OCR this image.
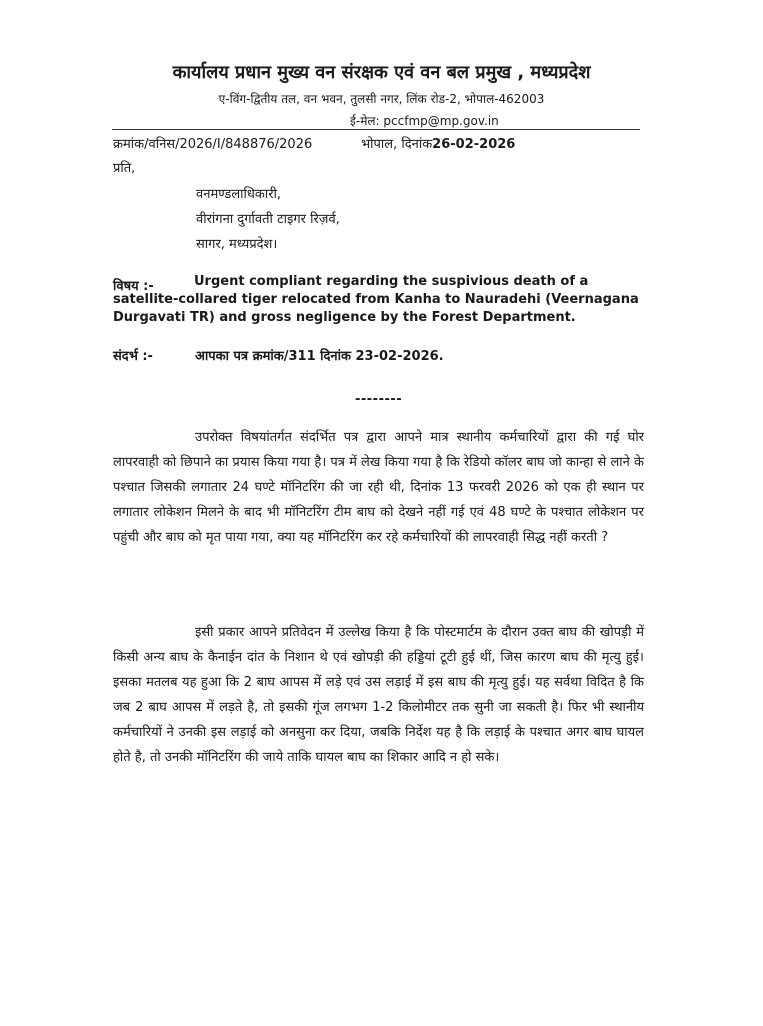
कार्यालय प्रधान मुख्य वन संरक्षक एवं वन बल प्रमुख , मध्यप्रदेश
ए-विंग-द्वितीय तल, वन भवन, तुलसी नगर, लिंक रोड-2, भोपाल-462003
ई-मेल: pccfmp@mp.gov.in
क्रमांक/वनिस/2026/I/848876/2026	भोपाल, दिनांक26-02-2026
प्रति,
वनमण्डलाधिकारी,
वीरांगना दुर्गावती टाइगर रिज़र्व,
सागर, मध्यप्रदेश।
विषय :-	Urgent compliant regarding the suspivious death of a satellite-collared tiger relocated from Kanha to Nauradehi (Veernagana Durgavati TR) and gross negligence by the Forest Department.
संदर्भ :-	आपका पत्र क्रमांक/311 दिनांक 23-02-2026.
--------
उपरोक्त विषयांतर्गत संदर्भित पत्र द्वारा आपने मात्र स्थानीय कर्मचारियों द्वारा की गई घोर लापरवाही को छिपाने का प्रयास किया गया है। पत्र में लेख किया गया है कि रेडियो कॉलर बाघ जो कान्हा से लाने के पश्चात जिसकी लगातार 24 घण्टे मॉनिटरिंग की जा रही थी, दिनांक 13 फरवरी 2026 को एक ही स्थान पर लगातार लोकेशन मिलने के बाद भी मॉनिटरिंग टीम बाघ को देखने नहीं गई एवं 48 घण्टे के पश्चात लोकेशन पर पहुंची और बाघ को मृत पाया गया, क्या यह मॉनिटरिंग कर रहे कर्मचारियों की लापरवाही सिद्ध नहीं करती ?
इसी प्रकार आपने प्रतिवेदन में उल्लेख किया है कि पोस्टमार्टम के दौरान उक्त बाघ की खोपड़ी में किसी अन्य बाघ के कैनाईन दांत के निशान थे एवं खोपड़ी की हड्डियां टूटी हुई थीं, जिस कारण बाघ की मृत्यु हुई। इसका मतलब यह हुआ कि 2 बाघ आपस में लड़े एवं उस लड़ाई में इस बाघ की मृत्यु हुई। यह सर्वथा विदित है कि जब 2 बाघ आपस में लड़ते है, तो इसकी गूंज लगभग 1-2 किलोमीटर तक सुनी जा सकती है। फिर भी स्थानीय कर्मचारियों ने उनकी इस लड़ाई को अनसुना कर दिया, जबकि निर्देश यह है कि लड़ाई के पश्चात अगर बाघ घायल होते है, तो उनकी मॉनिटरिंग की जाये ताकि घायल बाघ का शिकार आदि न हो सके।
